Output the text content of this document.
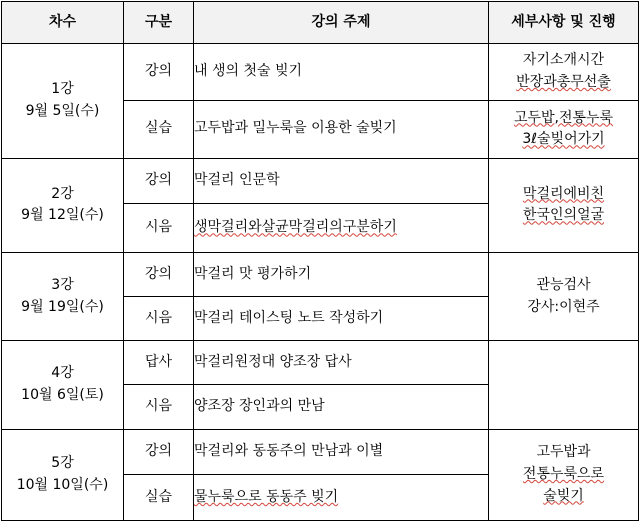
차수	구분	강의 주제	세부사항 및 진행

1강
9월 5일(수)	강의	내 생의 첫술 빚기	자기소개시간
반장과총무선출

	실습	고두밥과 밀누룩을 이용한 술빚기	고두밥,전통누룩
3ℓ술빚어가기

2강
9월 12일(수)	강의	막걸리 인문학	막걸리에비친
한국인의얼굴

	시음	생막걸리와살균막걸리의구분하기	

3강
9월 19일(수)	강의	막걸리 맛 평가하기	관능검사
강사:이현주

	시음	막걸리 테이스팅 노트 작성하기	

4강
10월 6일(토)	답사	막걸리원정대 양조장 답사	
	시음	양조장 장인과의 만남	

5강
10월 10일(수)	강의	막걸리와 동동주의 만남과 이별	고두밥과
전통누룩으로
술빚기

	실습	물누룩으로 동동주 빚기	
